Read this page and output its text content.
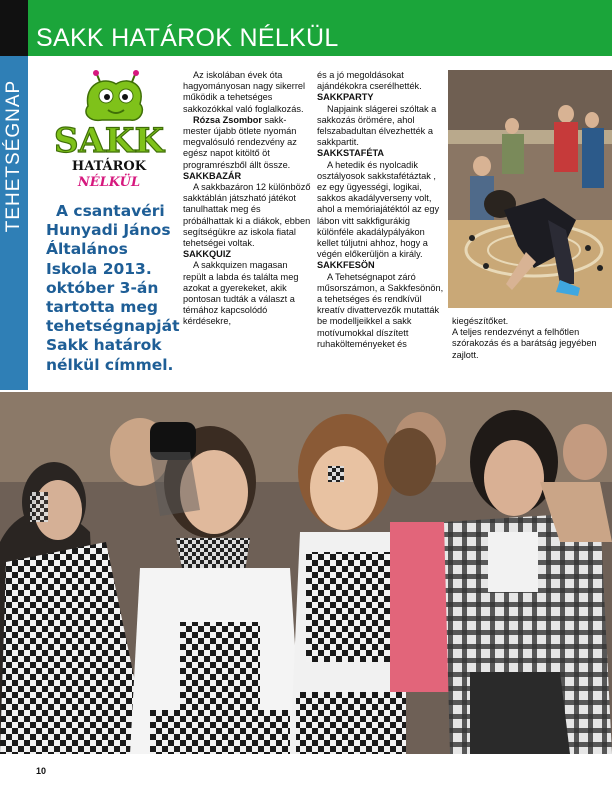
SAKK HATÁROK NÉLKÜL
TEHETSÉGNAP SAKK
HATÁROK
NÉLKÜL
A csantavéri
Hunyadi János
Általános
Iskola 2013.
október 3-án
tartotta meg
tehetségnapját
Sakk határok
nélkül címmel.
Az iskolában évek óta hagyományosan nagy sikerrel működik a tehetséges sakkozókkal való foglalkozás.
Rózsa Zsombor sakk-mester újabb ötlete nyomán megvalósuló rendezvény az egész napot kitöltő öt programrészből állt össze.
SAKKBAZÁR
A sakkbazáron 12 különböző sakktáblán játszható játékot tanulhattak meg és próbálhattak ki a diákok, ebben segítségükre az iskola fiatal tehetségei voltak.
SAKKQUIZ
A sakkquizen magasan repült a labda és találta meg azokat a gyerekeket, akik pontosan tudták a választ a témához kapcsolódó kérdésekre,
és a jó megoldásokat ajándékokra cserélhették.
SAKKPARTY
Napjaink slágerei szóltak a sakkozás örömére, ahol felszabadultan élvezhették a sakkpartit.
SAKKSTAFÉTA
A hetedik és nyolcadik osztályosok sakkstafétáztak , ez egy ügyességi, logikai, sakkos akadályverseny volt, ahol a memóriajátéktól az egy lábon vitt sakkfigurákig különféle akadálypályákon kellet túljutni ahhoz, hogy a végén előkerüljön a király.
SAKKFESÖN
A Tehetségnapot záró műsorszámon, a Sakkfesönön, a tehetséges és rendkívül kreatív divattervezők mutatták be modelljeikkel a sakk motívumokkal díszített ruhakölteményeket és
kiegészítőket.
A teljes rendezvényt a felhőtlen szórakozás és a barátság jegyében zajlott.
10
